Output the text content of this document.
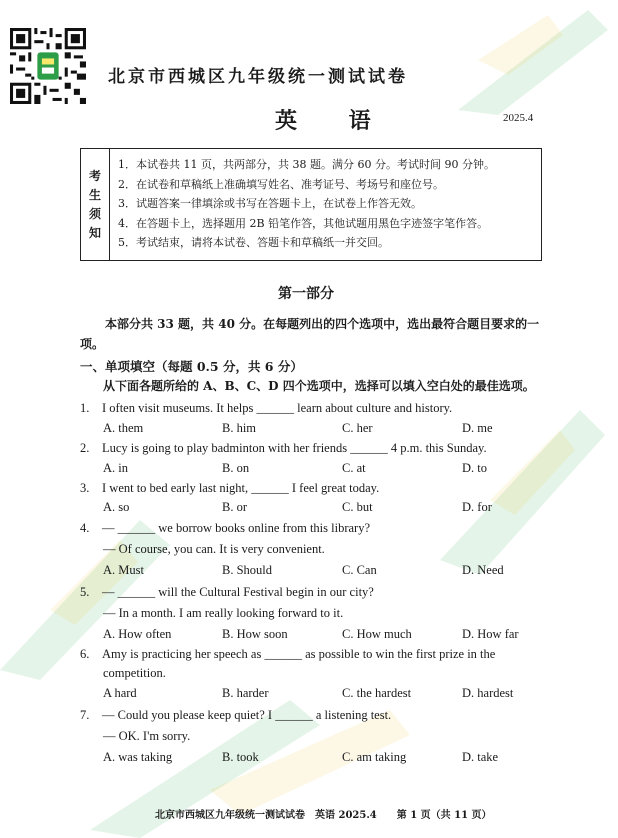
北京市西城区九年级统一测试试卷
英 语	2025.4
考
生
须
知
1．本试卷共 11 页，共两部分，共 38 题。满分 60 分。考试时间 90 分钟。
2．在试卷和草稿纸上准确填写姓名、准考证号、考场号和座位号。
3．试题答案一律填涂或书写在答题卡上，在试卷上作答无效。
4．在答题卡上，选择题用 2B 铅笔作答，其他试题用黑色字迹签字笔作答。
5．考试结束，请将本试卷、答题卡和草稿纸一并交回。
第一部分
本部分共 33 题，共 40 分。在每题列出的四个选项中，选出最符合题目要求的一项。
一、单项填空（每题 0.5 分，共 6 分）
从下面各题所给的 A、B、C、D 四个选项中，选择可以填入空白处的最佳选项。
1. I often visit museums. It helps ______ learn about culture and history.
A. them	B. him	C. her	D. me
2. Lucy is going to play badminton with her friends ______ 4 p.m. this Sunday.
A. in	B. on	C. at	D. to
3. I went to bed early last night, ______ I feel great today.
A. so	B. or	C. but	D. for
4. — ______ we borrow books online from this library?
— Of course, you can. It is very convenient.
A. Must	B. Should	C. Can	D. Need
5. — ______ will the Cultural Festival begin in our city?
— In a month. I am really looking forward to it.
A. How often	B. How soon	C. How much	D. How far
6. Amy is practicing her speech as ______ as possible to win the first prize in the
competition.
A hard	B. harder	C. the hardest	D. hardest
7. — Could you please keep quiet? I ______ a listening test.
— OK. I'm sorry.
A. was taking	B. took	C. am taking	D. take
北京市西城区九年级统一测试试卷　英语 2025.4　　第 1 页（共 11 页）
